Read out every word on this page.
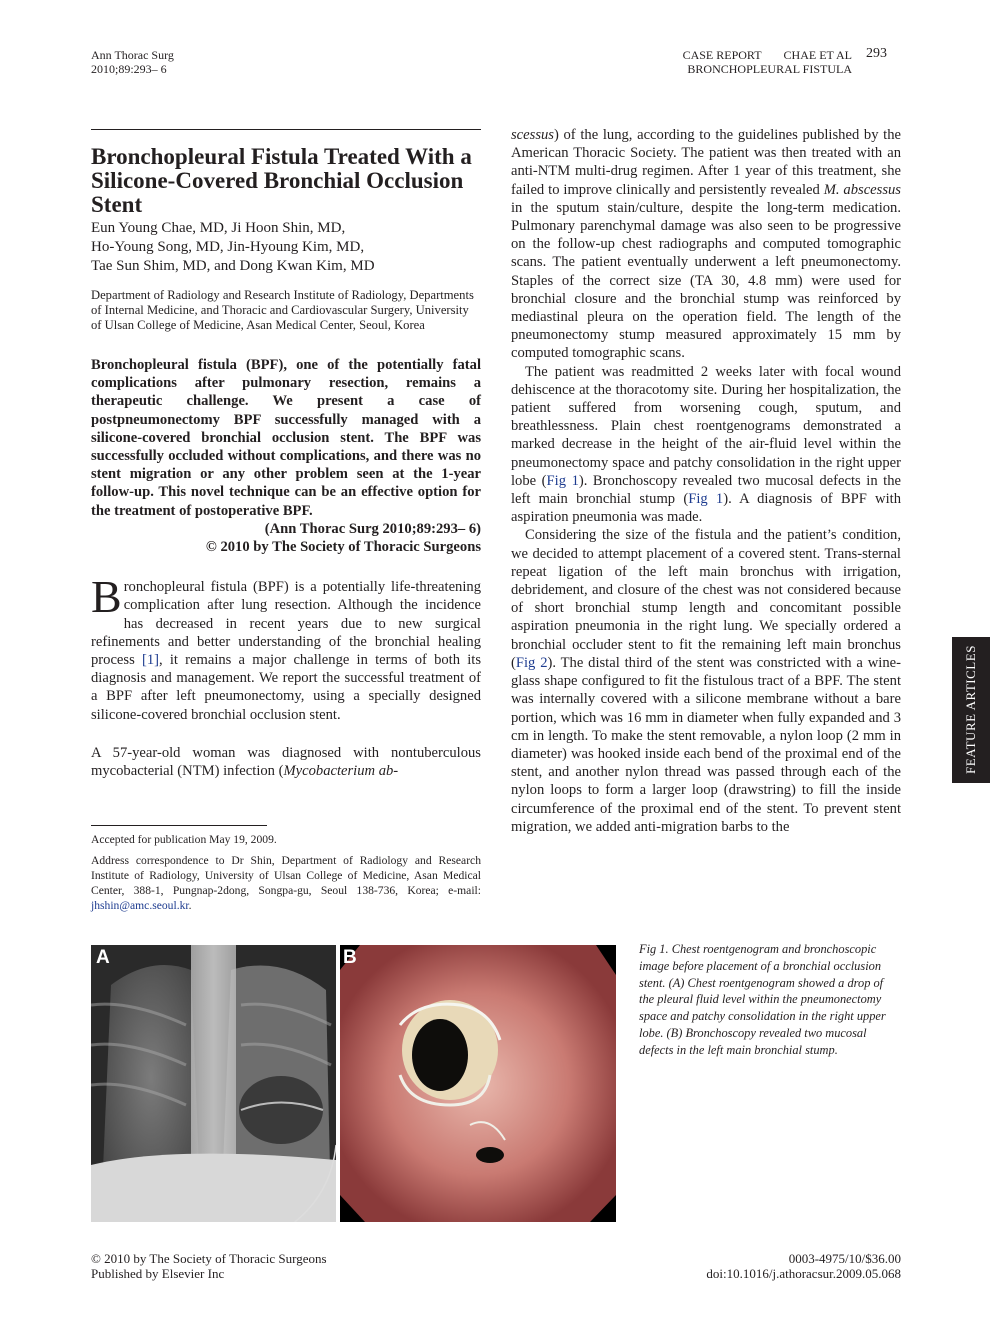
Ann Thorac Surg
2010;89:293– 6
CASE REPORT CHAE ET AL
BRONCHOPLEURAL FISTULA
293
Bronchopleural Fistula Treated With a Silicone-Covered Bronchial Occlusion Stent
Eun Young Chae, MD, Ji Hoon Shin, MD,
Ho-Young Song, MD, Jin-Hyoung Kim, MD,
Tae Sun Shim, MD, and Dong Kwan Kim, MD
Department of Radiology and Research Institute of Radiology, Departments of Internal Medicine, and Thoracic and Cardiovascular Surgery, University of Ulsan College of Medicine, Asan Medical Center, Seoul, Korea
Bronchopleural fistula (BPF), one of the potentially fatal complications after pulmonary resection, remains a therapeutic challenge. We present a case of postpneumonectomy BPF successfully managed with a silicone-covered bronchial occlusion stent. The BPF was successfully occluded without complications, and there was no stent migration or any other problem seen at the 1-year follow-up. This novel technique can be an effective option for the treatment of postoperative BPF.
(Ann Thorac Surg 2010;89:293– 6)
© 2010 by The Society of Thoracic Surgeons
Bronchopleural fistula (BPF) is a potentially life-threatening complication after lung resection. Although the incidence has decreased in recent years due to new surgical refinements and better understanding of the bronchial healing process [1], it remains a major challenge in terms of both its diagnosis and management. We report the successful treatment of a BPF after left pneumonectomy, using a specially designed silicone-covered bronchial occlusion stent.
A 57-year-old woman was diagnosed with nontuberculous mycobacterial (NTM) infection (Mycobacterium ab-
Accepted for publication May 19, 2009.
Address correspondence to Dr Shin, Department of Radiology and Research Institute of Radiology, University of Ulsan College of Medicine, Asan Medical Center, 388-1, Pungnap-2dong, Songpa-gu, Seoul 138-736, Korea; e-mail: jhshin@amc.seoul.kr.

scessus) of the lung, according to the guidelines published by the American Thoracic Society. The patient was then treated with an anti-NTM multi-drug regimen. After 1 year of this treatment, she failed to improve clinically and persistently revealed M. abscessus in the sputum stain/culture, despite the long-term medication. Pulmonary parenchymal damage was also seen to be progressive on the follow-up chest radiographs and computed tomographic scans. The patient eventually underwent a left pneumonectomy. Staples of the correct size (TA 30, 4.8 mm) were used for bronchial closure and the bronchial stump was reinforced by mediastinal pleura on the operation field. The length of the pneumonectomy stump measured approximately 15 mm by computed tomographic scans.

The patient was readmitted 2 weeks later with focal wound dehiscence at the thoracotomy site. During her hospitalization, the patient suffered from worsening cough, sputum, and breathlessness. Plain chest roentgenograms demonstrated a marked decrease in the height of the air-fluid level within the pneumonectomy space and patchy consolidation in the right upper lobe (Fig 1). Bronchoscopy revealed two mucosal defects in the left main bronchial stump (Fig 1). A diagnosis of BPF with aspiration pneumonia was made.

Considering the size of the fistula and the patient’s condition, we decided to attempt placement of a covered stent. Trans-sternal repeat ligation of the left main bronchus with irrigation, debridement, and closure of the chest was not considered because of short bronchial stump length and concomitant possible aspiration pneumonia in the right lung. We specially ordered a bronchial occluder stent to fit the remaining left main bronchus (Fig 2). The distal third of the stent was constricted with a wine-glass shape configured to fit the fistulous tract of a BPF. The stent was internally covered with a silicone membrane without a bare portion, which was 16 mm in diameter when fully expanded and 3 cm in length. To make the stent removable, a nylon loop (2 mm in diameter) was hooked inside each bend of the proximal end of the stent, and another nylon thread was passed through each of the nylon loops to form a larger loop (drawstring) to fill the inside circumference of the proximal end of the stent. To prevent stent migration, we added anti-migration barbs to the

FEATURE ARTICLES
A	B	Fig 1. Chest roentgenogram and bronchoscopic image before placement of a bronchial occlusion stent. (A) Chest roentgenogram showed a drop of the pleural fluid level within the pneumonectomy space and patchy consolidation in the right upper lobe. (B) Bronchoscopy revealed two mucosal defects in the left main bronchial stump.
© 2010 by The Society of Thoracic Surgeons
Published by Elsevier Inc
0003-4975/10/$36.00
doi:10.1016/j.athoracsur.2009.05.068
